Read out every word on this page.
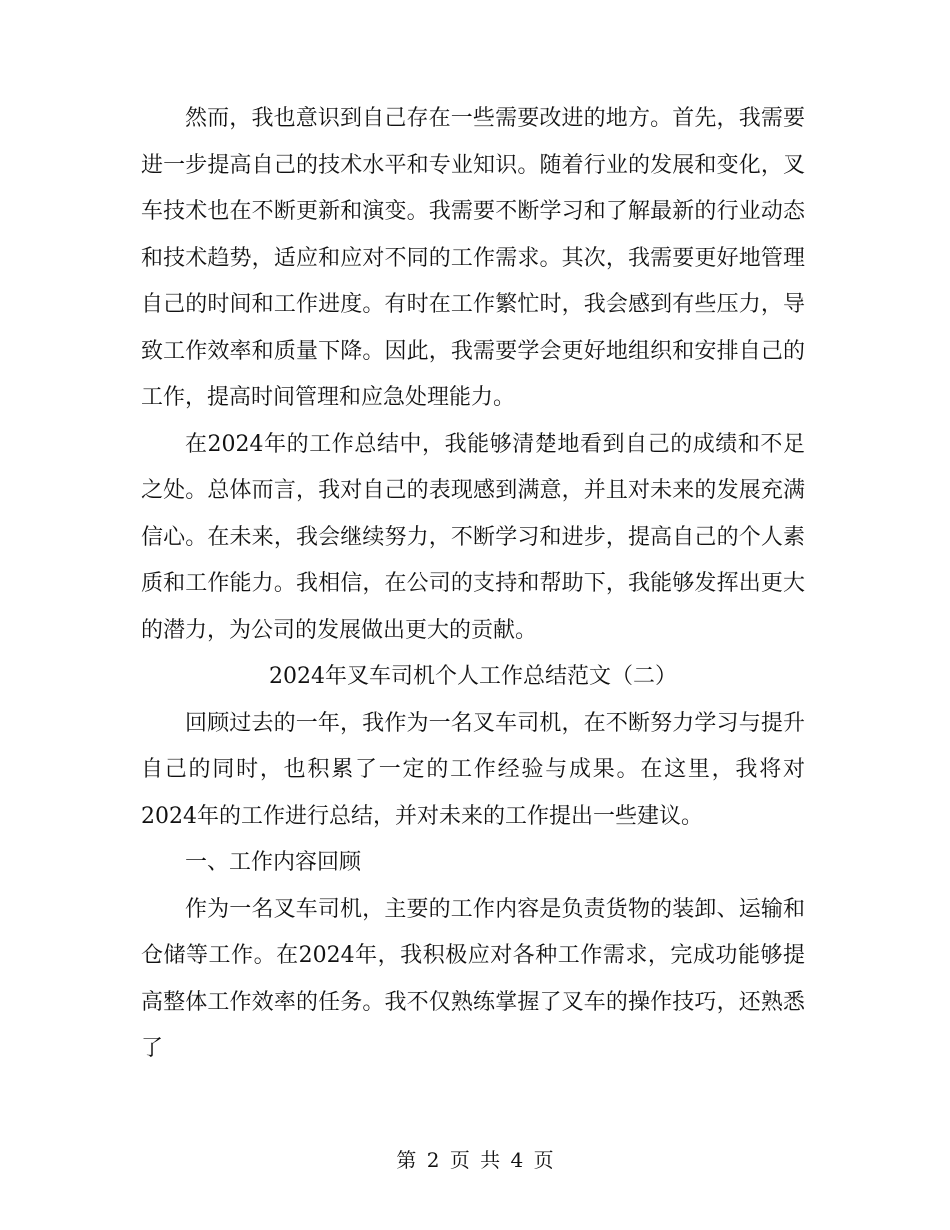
然而，我也意识到自己存在一些需要改进的地方。首先，我需要进一步提高自己的技术水平和专业知识。随着行业的发展和变化，叉车技术也在不断更新和演变。我需要不断学习和了解最新的行业动态和技术趋势，适应和应对不同的工作需求。其次，我需要更好地管理自己的时间和工作进度。有时在工作繁忙时，我会感到有些压力，导致工作效率和质量下降。因此，我需要学会更好地组织和安排自己的工作，提高时间管理和应急处理能力。

在2024年的工作总结中，我能够清楚地看到自己的成绩和不足之处。总体而言，我对自己的表现感到满意，并且对未来的发展充满信心。在未来，我会继续努力，不断学习和进步，提高自己的个人素质和工作能力。我相信，在公司的支持和帮助下，我能够发挥出更大的潜力，为公司的发展做出更大的贡献。

2024年叉车司机个人工作总结范文（二）

回顾过去的一年，我作为一名叉车司机，在不断努力学习与提升自己的同时，也积累了一定的工作经验与成果。在这里，我将对2024年的工作进行总结，并对未来的工作提出一些建议。

一、工作内容回顾

作为一名叉车司机，主要的工作内容是负责货物的装卸、运输和仓储等工作。在2024年，我积极应对各种工作需求，完成功能够提高整体工作效率的任务。我不仅熟练掌握了叉车的操作技巧，还熟悉了

第 2 页 共 4 页
